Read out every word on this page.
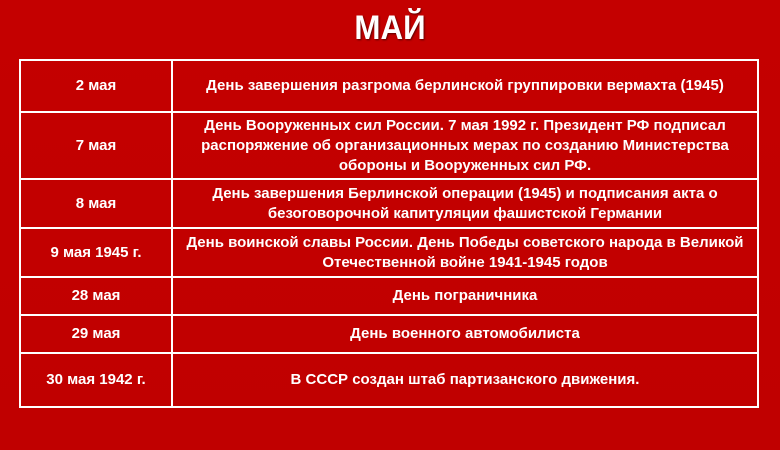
МАЙ
2 мая	День завершения разгрома берлинской группировки вермахта (1945)
7 мая	День Вооруженных сил России. 7 мая 1992 г. Президент РФ подписал распоряжение об организационных мерах по созданию Министерства обороны и Вооруженных сил РФ.
8 мая	День завершения Берлинской операции (1945) и подписания акта о безоговорочной капитуляции фашистской Германии
9 мая 1945 г.	День воинской славы России. День Победы советского народа в Великой Отечественной войне 1941-1945 годов
28 мая	День пограничника
29 мая	День военного автомобилиста
30 мая 1942 г.	В СССР создан штаб партизанского движения.
